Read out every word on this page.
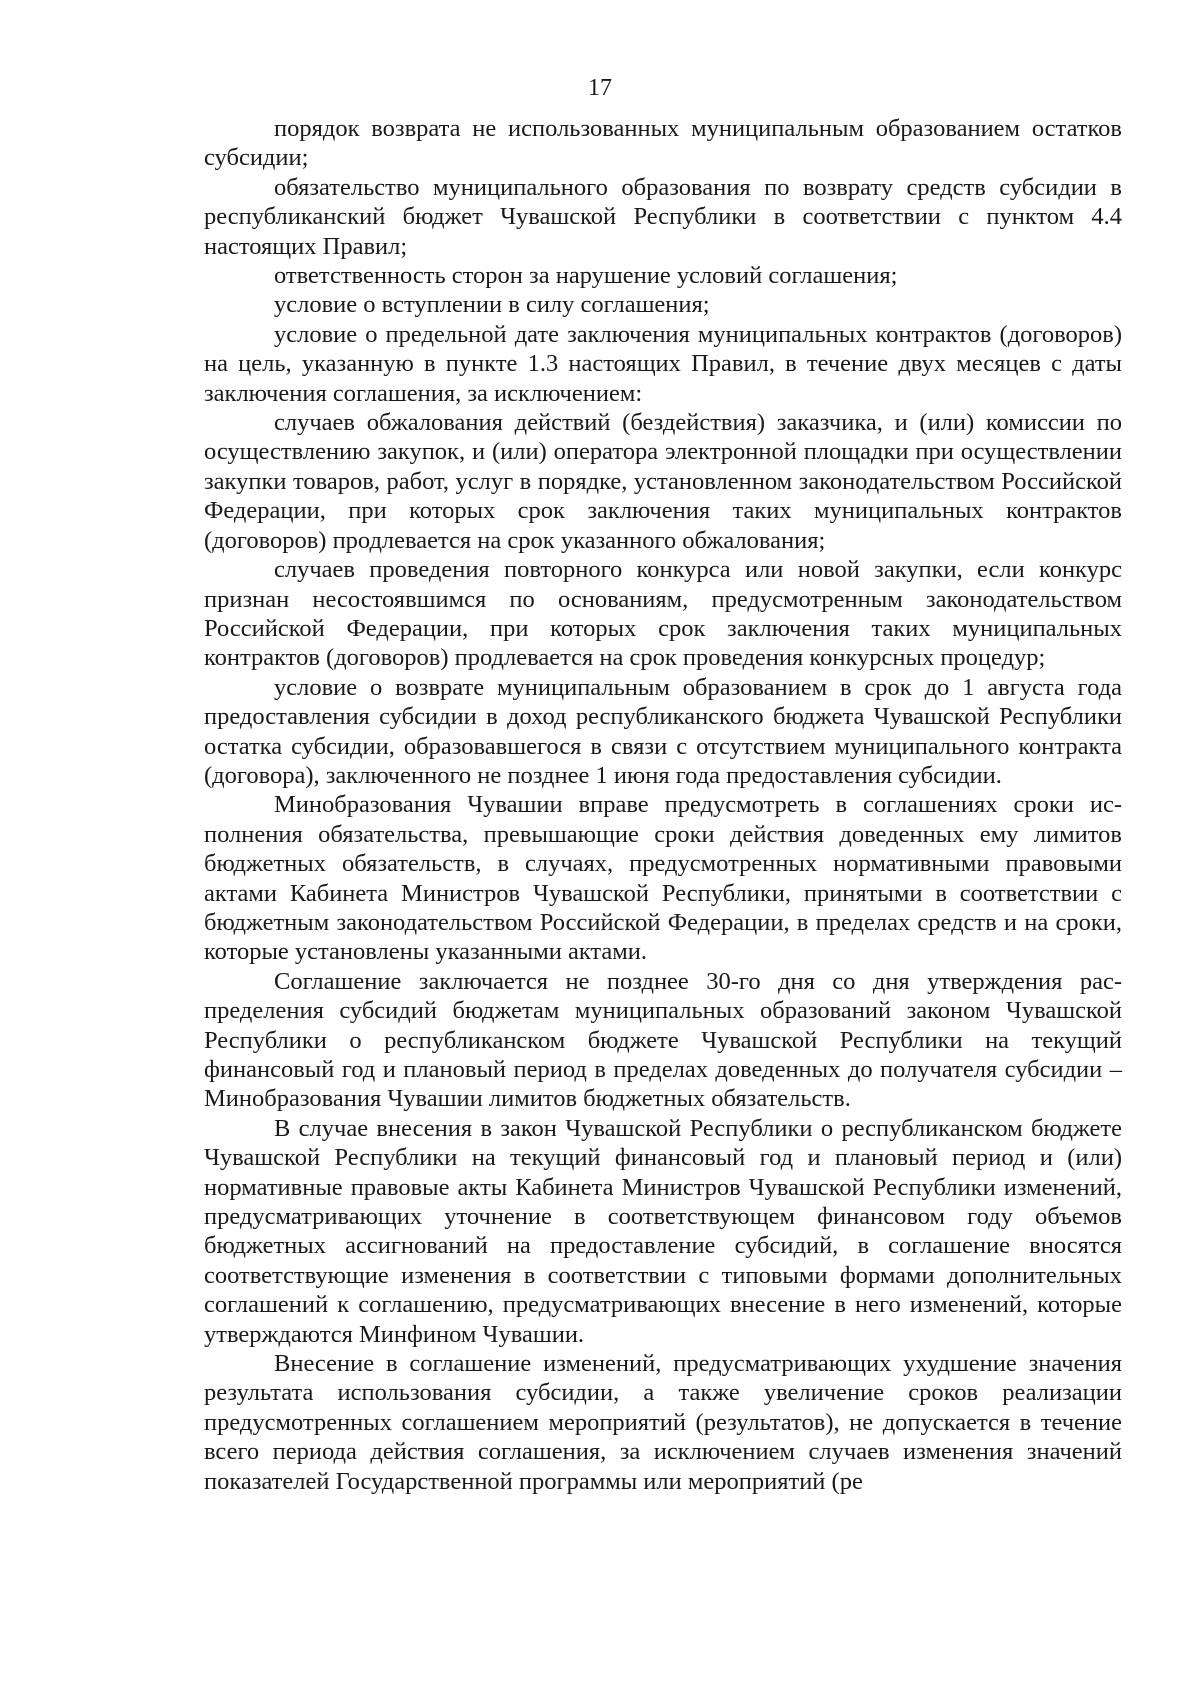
17

порядок возврата не использованных муниципальным образованием остатков субсидии;

обязательство муниципального образования по возврату средств субсидии в республиканский бюджет Чувашской Республики в соответствии с пунктом 4.4 настоящих Правил;

ответственность сторон за нарушение условий соглашения;

условие о вступлении в силу соглашения;

условие о предельной дате заключения муниципальных контрактов (договоров) на цель, указанную в пункте 1.3 настоящих Правил, в течение двух месяцев с даты заключения соглашения, за исключением:

случаев обжалования действий (бездействия) заказчика, и (или) комиссии по осуществлению закупок, и (или) оператора электронной площадки при осуществлении закупки товаров, работ, услуг в порядке, установленном законодательством Российской Федерации, при которых срок заключения таких муниципальных контрактов (договоров) продлевается на срок указанного обжалования;

случаев проведения повторного конкурса или новой закупки, если конкурс признан несостоявшимся по основаниям, предусмотренным законодательством Российской Федерации, при которых срок заключения таких муниципальных контрактов (договоров) продлевается на срок проведения конкурсных процедур;

условие о возврате муниципальным образованием в срок до 1 августа года предоставления субсидии в доход республиканского бюджета Чувашской Республики остатка субсидии, образовавшегося в связи с отсутствием муниципального контракта (договора), заключенного не позднее 1 июня года предоставления субсидии.

Минобразования Чувашии вправе предусмотреть в соглашениях сроки исполнения обязательства, превышающие сроки действия доведенных ему лимитов бюджетных обязательств, в случаях, предусмотренных нормативными правовыми актами Кабинета Министров Чувашской Республики, принятыми в соответствии с бюджетным законодательством Российской Федерации, в пределах средств и на сроки, которые установлены указанными актами.

Соглашение заключается не позднее 30-го дня со дня утверждения распределения субсидий бюджетам муниципальных образований законом Чувашской Республики о республиканском бюджете Чувашской Республики на текущий финансовый год и плановый период в пределах доведенных до получателя субсидии – Минобразования Чувашии лимитов бюджетных обязательств.

В случае внесения в закон Чувашской Республики о республиканском бюджете Чувашской Республики на текущий финансовый год и плановый период и (или) нормативные правовые акты Кабинета Министров Чувашской Республики изменений, предусматривающих уточнение в соответствующем финансовом году объемов бюджетных ассигнований на предоставление субсидий, в соглашение вносятся соответствующие изменения в соответствии с типовыми формами дополнительных соглашений к соглашению, предусматривающих внесение в него изменений, которые утверждаются Минфином Чувашии.

Внесение в соглашение изменений, предусматривающих ухудшение значения результата использования субсидии, а также увеличение сроков реализации предусмотренных соглашением мероприятий (результатов), не допускается в течение всего периода действия соглашения, за исключением случаев изменения значений показателей Государственной программы или мероприятий (ре
